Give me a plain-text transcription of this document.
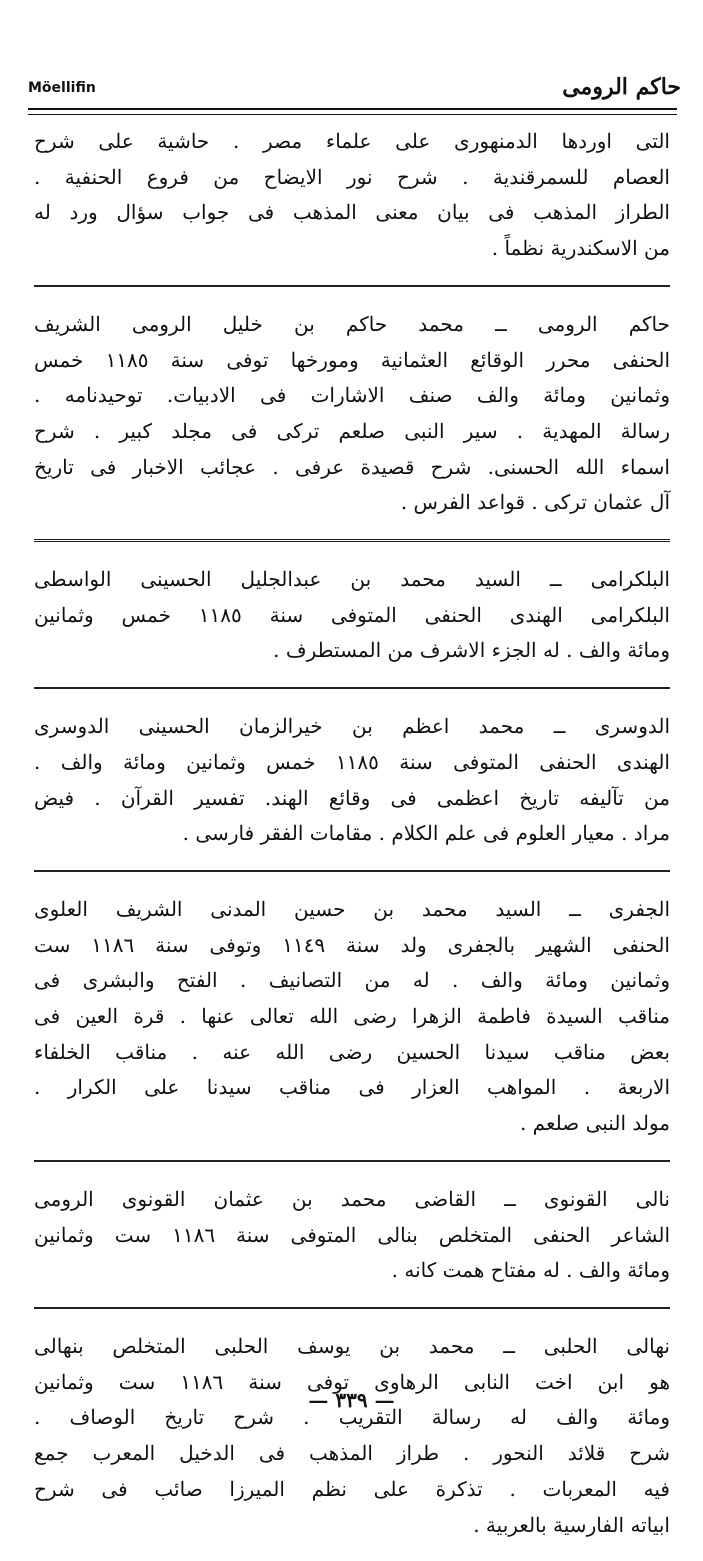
Möellifin	حاكم الرومى

التى اوردها الدمنهورى على علماء مصر . حاشية على شرح

العصام للسمرقندية . شرح نور الايضاح من فروع الحنفية .

الطراز المذهب فى بيان معنى المذهب فى جواب سؤال ورد له

من الاسكندرية نظماً .

حاكم الرومى ــ محمد حاكم بن خليل الرومى الشريف

الحنفى محرر الوقائع العثمانية ومورخها توفى سنة ١١٨٥ خمس

وثمانين ومائة والف صنف الاشارات فى الادبيات. توحيدنامه .

رسالة المهدية . سير النبى صلعم تركى فى مجلد كبير . شرح

اسماء الله الحسنى. شرح قصيدة عرفى . عجائب الاخبار فى تاريخ

آل عثمان تركى . قواعد الفرس .

البلكرامى ــ السيد محمد بن عبدالجليل الحسينى الواسطى

البلكرامى الهندى الحنفى المتوفى سنة ١١٨٥ خمس وثمانين

ومائة والف . له الجزء الاشرف من المستطرف .

الدوسرى ــ محمد اعظم بن خيرالزمان الحسينى الدوسرى

الهندى الحنفى المتوفى سنة ١١٨٥ خمس وثمانين ومائة والف .

من تآليفه تاريخ اعظمى فى وقائع الهند. تفسير القرآن . فيض

مراد . معيار العلوم فى علم الكلام . مقامات الفقر فارسى .

الجفرى ــ السيد محمد بن حسين المدنى الشريف العلوى

الحنفى الشهير بالجفرى ولد سنة ١١٤٩ وتوفى سنة ١١٨٦ ست

وثمانين ومائة والف . له من التصانيف . الفتح والبشرى فى

مناقب السيدة فاطمة الزهرا رضى الله تعالى عنها . قرة العين فى

بعض مناقب سيدنا الحسين رضى الله عنه . مناقب الخلفاء

الاربعة . المواهب العزار فى مناقب سيدنا على الكرار .

مولد النبى صلعم .

نالى القونوى ــ القاضى محمد بن عثمان القونوى الرومى

الشاعر الحنفى المتخلص بنالى المتوفى سنة ١١٨٦ ست وثمانين

ومائة والف . له مفتاح همت كانه .

نهالى الحلبى ــ محمد بن يوسف الحلبى المتخلص بنهالى

هو ابن اخت النابى الرهاوى توفى سنة ١١٨٦ ست وثمانين

ومائة والف له رسالة التقريب . شرح تاريخ الوصاف .

شرح قلائد النحور . طراز المذهب فى الدخيل المعرب جمع

فيه المعربات . تذكرة على نظم الميرزا صائب فى شرح

ابياته الفارسية بالعربية .

— ٣٣٩ —
